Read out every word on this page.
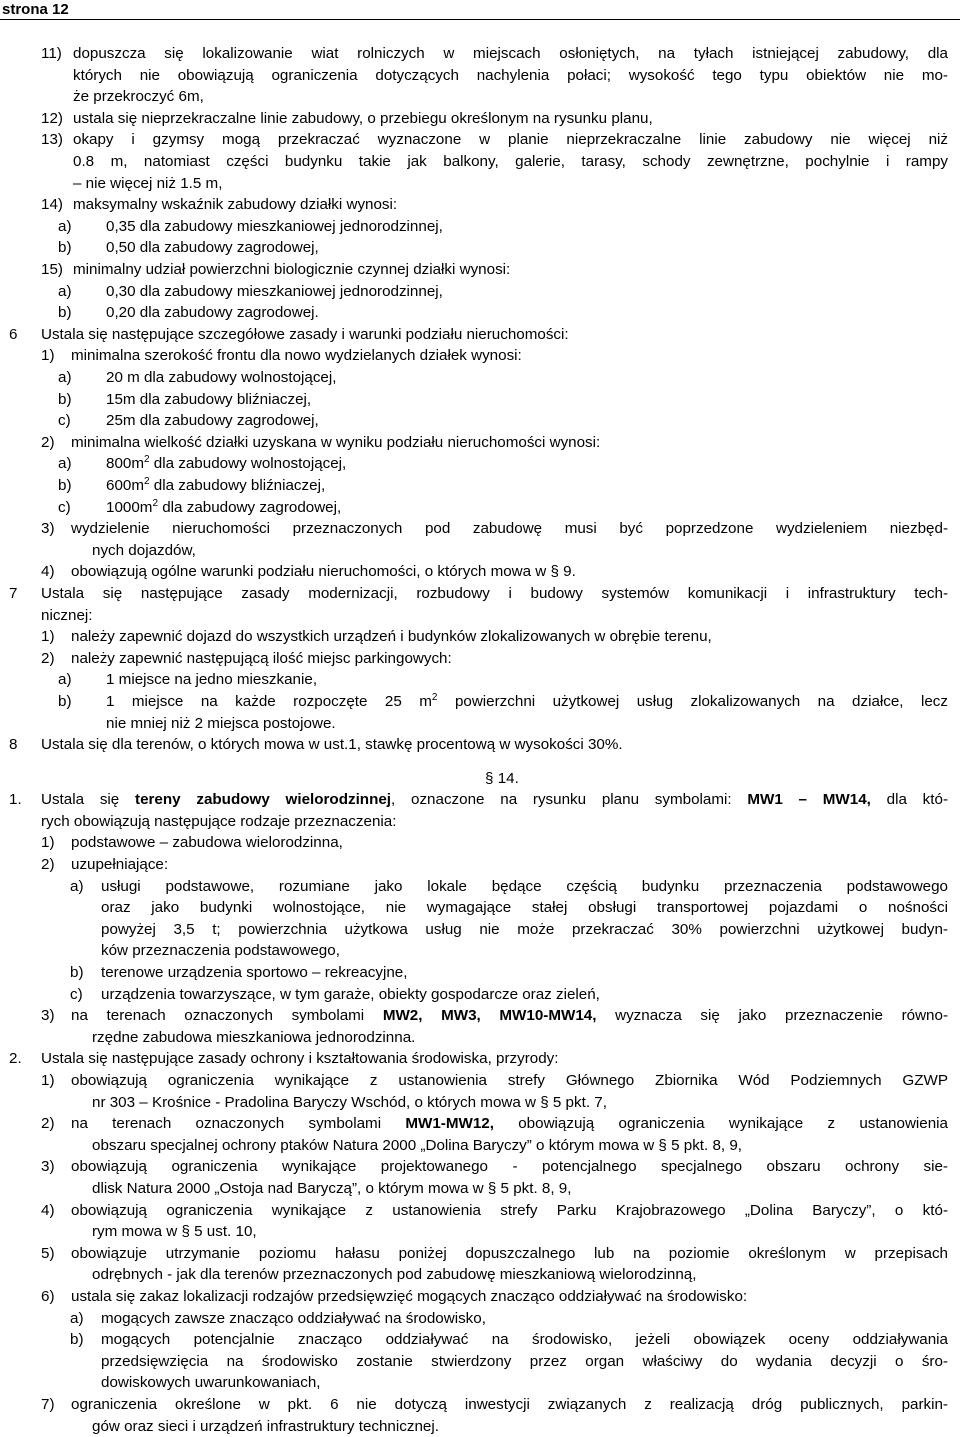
strona 12
11) dopuszcza się lokalizowanie wiat rolniczych w miejscach osłoniętych, na tyłach istniejącej zabudowy, dla
których nie obowiązują ograniczenia dotyczących nachylenia połaci; wysokość tego typu obiektów nie mo-
że przekroczyć 6m,
12) ustala się nieprzekraczalne linie zabudowy, o przebiegu określonym na rysunku planu,
13) okapy i gzymsy mogą przekraczać wyznaczone w planie nieprzekraczalne linie zabudowy nie więcej niż
0.8 m, natomiast części budynku takie jak balkony, galerie, tarasy, schody zewnętrzne, pochylnie i rampy
– nie więcej niż 1.5 m,
14) maksymalny wskaźnik zabudowy działki wynosi:
a) 0,35 dla zabudowy mieszkaniowej jednorodzinnej,
b) 0,50 dla zabudowy zagrodowej,
15) minimalny udział powierzchni biologicznie czynnej działki wynosi:
a) 0,30 dla zabudowy mieszkaniowej jednorodzinnej,
b) 0,20 dla zabudowy zagrodowej.
6 Ustala się następujące szczegółowe zasady i warunki podziału nieruchomości:
1) minimalna szerokość frontu dla nowo wydzielanych działek wynosi:
a) 20 m dla zabudowy wolnostojącej,
b) 15m dla zabudowy bliźniaczej,
c) 25m dla zabudowy zagrodowej,
2) minimalna wielkość działki uzyskana w wyniku podziału nieruchomości wynosi:
a) $800m^2$ dla zabudowy wolnostojącej,
b) $600m^2$ dla zabudowy bliźniaczej,
c) $1000m^2$ dla zabudowy zagrodowej,
3) wydzielenie nieruchomości przeznaczonych pod zabudowę musi być poprzedzone wydzieleniem niezbęd-
nych dojazdów,
4) obowiązują ogólne warunki podziału nieruchomości, o których mowa w § 9.
7 Ustala się następujące zasady modernizacji, rozbudowy i budowy systemów komunikacji i infrastruktury tech-
nicznej:
1) należy zapewnić dojazd do wszystkich urządzeń i budynków zlokalizowanych w obrębie terenu,
2) należy zapewnić następującą ilość miejsc parkingowych:
a) 1 miejsce na jedno mieszkanie,
b) 1 miejsce na każde rozpoczęte 25 $m^2$ powierzchni użytkowej usług zlokalizowanych na działce, lecz
nie mniej niż 2 miejsca postojowe.
8 Ustala się dla terenów, o których mowa w ust.1, stawkę procentową w wysokości 30%.
1. Ustala się tereny zabudowy wielorodzinnej, oznaczone na rysunku planu symbolami: MW1 – MW14, dla któ-
rych obowiązują następujące rodzaje przeznaczenia:
1) podstawowe – zabudowa wielorodzinna,
2) uzupełniające:
a) usługi podstawowe, rozumiane jako lokale będące częścią budynku przeznaczenia podstawowego
oraz jako budynki wolnostojące, nie wymagające stałej obsługi transportowej pojazdami o nośności
powyżej 3,5 t; powierzchnia użytkowa usług nie może przekraczać 30% powierzchni użytkowej budyn-
ków przeznaczenia podstawowego,
b) terenowe urządzenia sportowo – rekreacyjne,
c) urządzenia towarzyszące, w tym garaże, obiekty gospodarcze oraz zieleń,
3) na terenach oznaczonych symbolami MW2, MW3, MW10-MW14, wyznacza się jako przeznaczenie równo-
rzędne zabudowa mieszkaniowa jednorodzinna.
2. Ustala się następujące zasady ochrony i kształtowania środowiska, przyrody:
1) obowiązują ograniczenia wynikające z ustanowienia strefy Głównego Zbiornika Wód Podziemnych GZWP
nr 303 – Krośnice - Pradolina Baryczy Wschód, o których mowa w § 5 pkt. 7,
2) na terenach oznaczonych symbolami MW1-MW12, obowiązują ograniczenia wynikające z ustanowienia
obszaru specjalnej ochrony ptaków Natura 2000 „Dolina Baryczy” o którym mowa w § 5 pkt. 8, 9,
3) obowiązują ograniczenia wynikające projektowanego - potencjalnego specjalnego obszaru ochrony sie-
dlisk Natura 2000 „Ostoja nad Baryczą”, o którym mowa w § 5 pkt. 8, 9,
4) obowiązują ograniczenia wynikające z ustanowienia strefy Parku Krajobrazowego „Dolina Baryczy”, o któ-
rym mowa w § 5 ust. 10,
5) obowiązuje utrzymanie poziomu hałasu poniżej dopuszczalnego lub na poziomie określonym w przepisach
odrębnych - jak dla terenów przeznaczonych pod zabudowę mieszkaniową wielorodzinną,
6) ustala się zakaz lokalizacji rodzajów przedsięwzięć mogących znacząco oddziaływać na środowisko:
a) mogących zawsze znacząco oddziaływać na środowisko,
b) mogących potencjalnie znacząco oddziaływać na środowisko, jeżeli obowiązek oceny oddziaływania
przedsięwzięcia na środowisko zostanie stwierdzony przez organ właściwy do wydania decyzji o śro-
dowiskowych uwarunkowaniach,
7) ograniczenia określone w pkt. 6 nie dotyczą inwestycji związanych z realizacją dróg publicznych, parkin-
gów oraz sieci i urządzeń infrastruktury technicznej.
§ 14.
